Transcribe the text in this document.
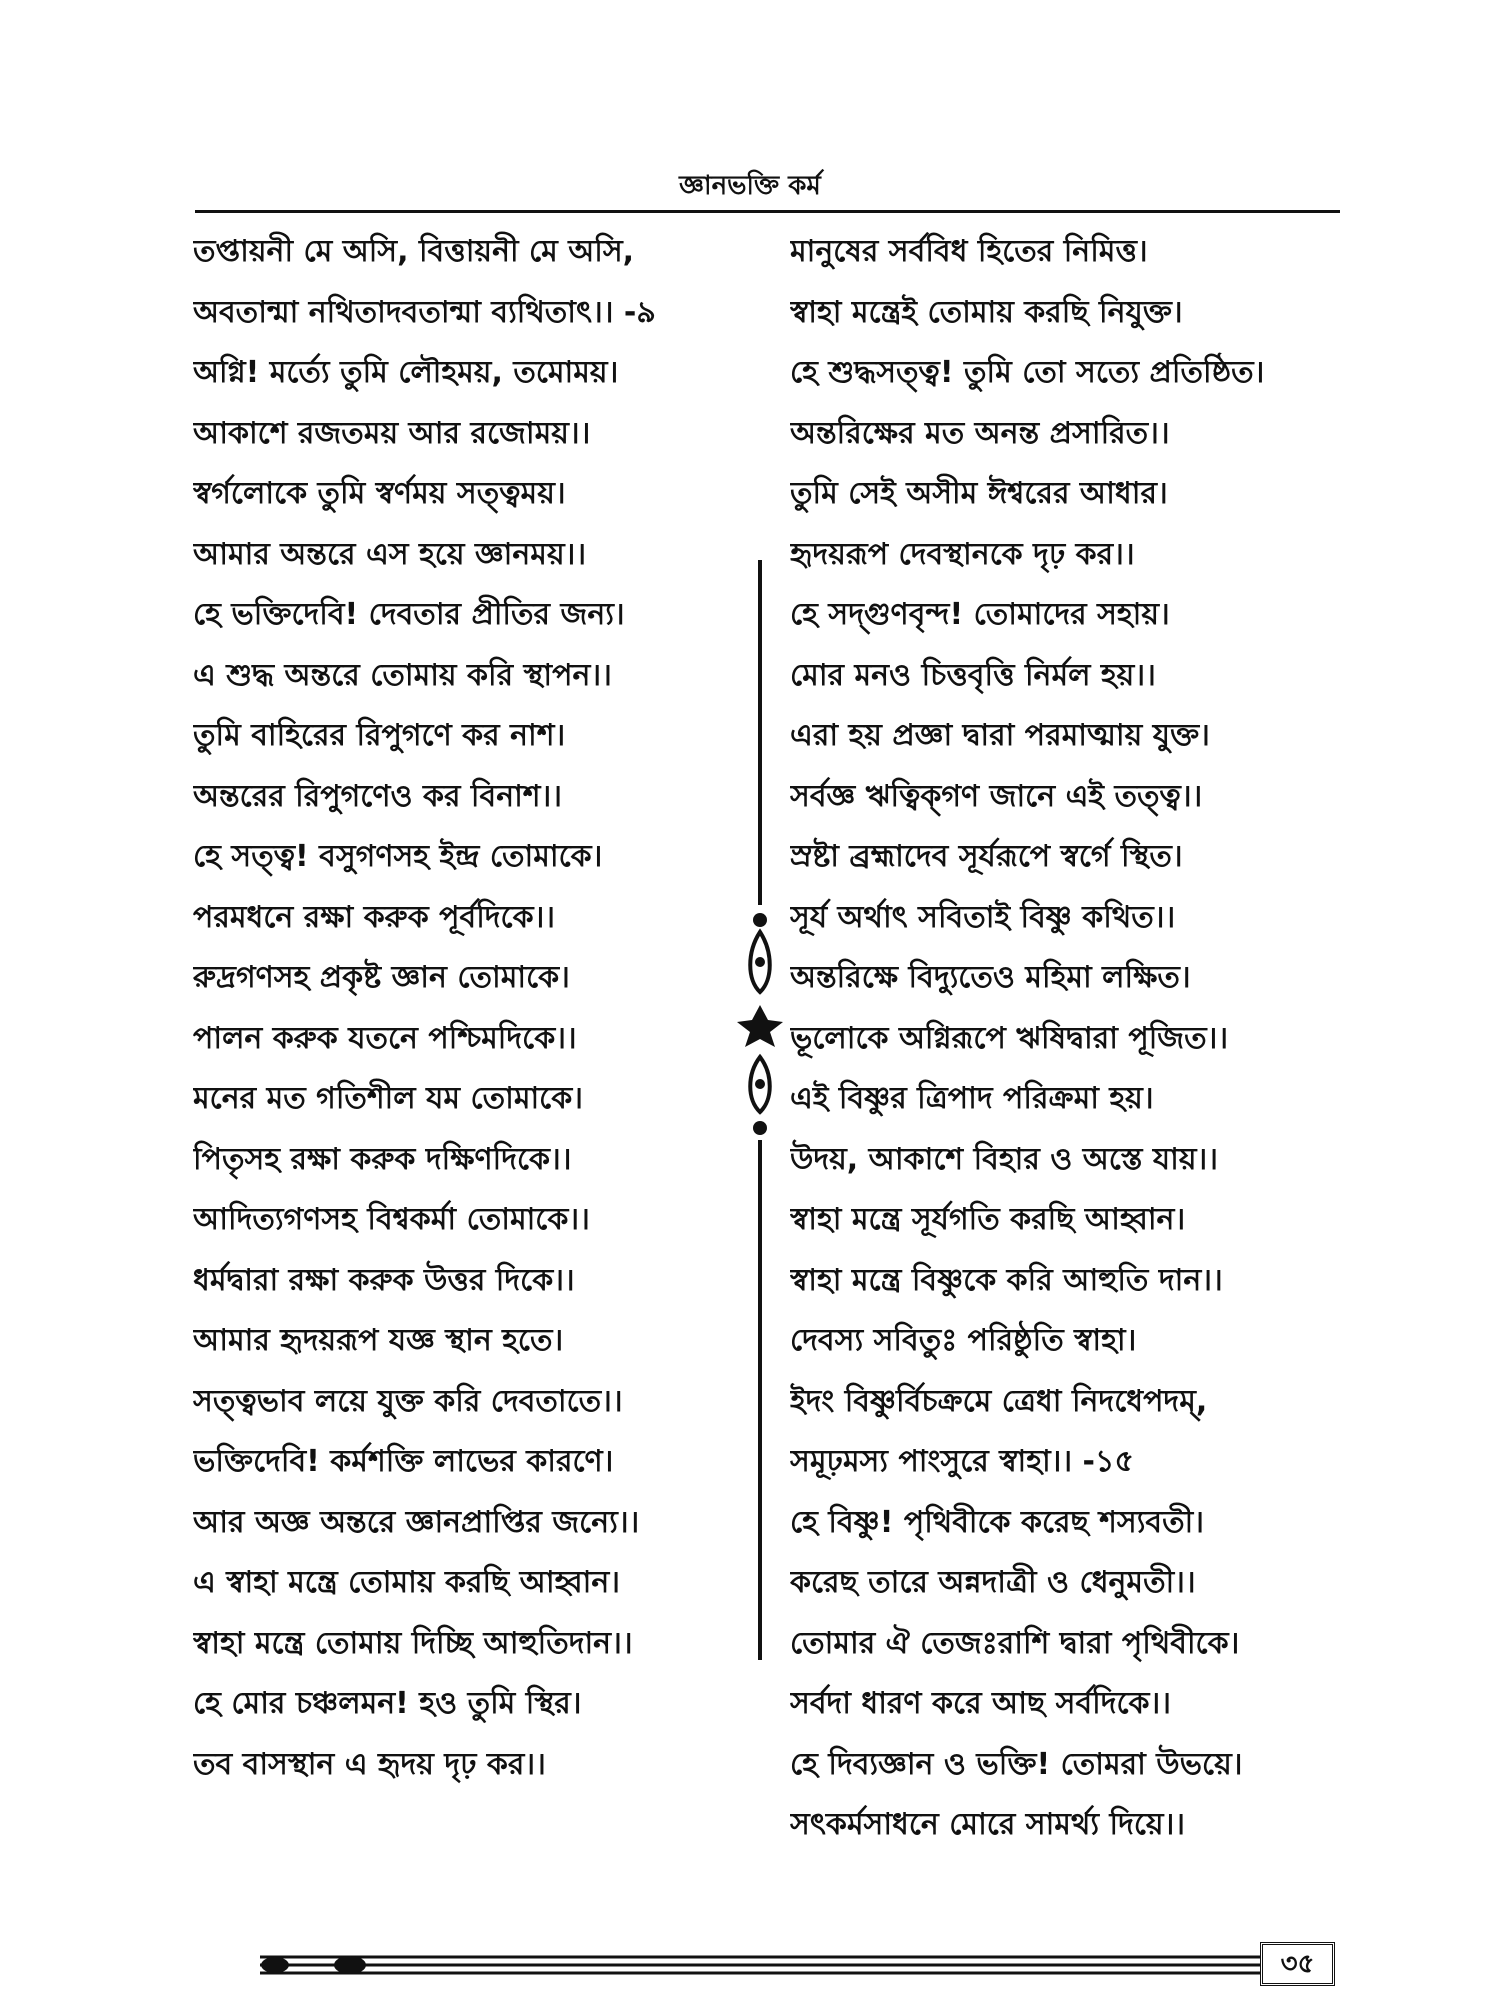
জ্ঞানভক্তি কর্ম
তপ্তায়নী মে অসি, বিত্তায়নী মে অসি,
অবতান্মা নথিতাদবতান্মা ব্যথিতাৎ।। -৯
অগ্নি! মর্ত্যে তুমি লৌহময়, তমোময়।
আকাশে রজতময় আর রজোময়।।
স্বর্গলোকে তুমি স্বর্ণময় সত্ত্বময়।
আমার অন্তরে এস হয়ে জ্ঞানময়।।
হে ভক্তিদেবি! দেবতার প্রীতির জন্য।
এ শুদ্ধ অন্তরে তোমায় করি স্থাপন।।
তুমি বাহিরের রিপুগণে কর নাশ।
অন্তরের রিপুগণেও কর বিনাশ।।
হে সত্ত্ব! বসুগণসহ ইন্দ্র তোমাকে।
পরমধনে রক্ষা করুক পূর্বদিকে।।
রুদ্রগণসহ প্রকৃষ্ট জ্ঞান তোমাকে।
পালন করুক যতনে পশ্চিমদিকে।।
মনের মত গতিশীল যম তোমাকে।
পিতৃসহ রক্ষা করুক দক্ষিণদিকে।।
আদিত্যগণসহ বিশ্বকর্মা তোমাকে।।
ধর্মদ্বারা রক্ষা করুক উত্তর দিকে।।
আমার হৃদয়রূপ যজ্ঞ স্থান হতে।
সত্ত্বভাব লয়ে যুক্ত করি দেবতাতে।।
ভক্তিদেবি! কর্মশক্তি লাভের কারণে।
আর অজ্ঞ অন্তরে জ্ঞানপ্রাপ্তির জন্যে।।
এ স্বাহা মন্ত্রে তোমায় করছি আহ্বান।
স্বাহা মন্ত্রে তোমায় দিচ্ছি আহুতিদান।।
হে মোর চঞ্চলমন! হও তুমি স্থির।
তব বাসস্থান এ হৃদয় দৃঢ় কর।।
মানুষের সর্ববিধ হিতের নিমিত্ত।
স্বাহা মন্ত্রেই তোমায় করছি নিযুক্ত।
হে শুদ্ধসত্ত্ব! তুমি তো সত্যে প্রতিষ্ঠিত।
অন্তরিক্ষের মত অনন্ত প্রসারিত।।
তুমি সেই অসীম ঈশ্বরের আধার।
হৃদয়রূপ দেবস্থানকে দৃঢ় কর।।
হে সদ্‌গুণবৃন্দ! তোমাদের সহায়।
মোর মনও চিত্তবৃত্তি নির্মল হয়।।
এরা হয় প্রজ্ঞা দ্বারা পরমাত্মায় যুক্ত।
সর্বজ্ঞ ঋত্বিক্‌গণ জানে এই তত্ত্ব।।
স্রষ্টা ব্রহ্মাদেব সূর্যরূপে স্বর্গে স্থিত।
সূর্য অর্থাৎ সবিতাই বিষ্ণু কথিত।।
অন্তরিক্ষে বিদ্যুতেও মহিমা লক্ষিত।
ভূলোকে অগ্নিরূপে ঋষিদ্বারা পূজিত।।
এই বিষ্ণুর ত্রিপাদ পরিক্রমা হয়।
উদয়, আকাশে বিহার ও অস্তে যায়।।
স্বাহা মন্ত্রে সূর্যগতি করছি আহ্বান।
স্বাহা মন্ত্রে বিষ্ণুকে করি আহুতি দান।।
দেবস্য সবিতুঃ পরিষ্ঠুতি স্বাহা।
ইদং বিষ্ণুর্বিচক্রমে ত্রেধা নিদধেপদম্‌,
সমূঢ়মস্য পাংসুরে স্বাহা।। -১৫
হে বিষ্ণু! পৃথিবীকে করেছ শস্যবতী।
করেছ তারে অন্নদাত্রী ও ধেনুমতী।।
তোমার ঐ তেজঃরাশি দ্বারা পৃথিবীকে।
সর্বদা ধারণ করে আছ সর্বদিকে।।
হে দিব্যজ্ঞান ও ভক্তি! তোমরা উভয়ে।
সৎকর্মসাধনে মোরে সামর্থ্য দিয়ে।।
৩৫
